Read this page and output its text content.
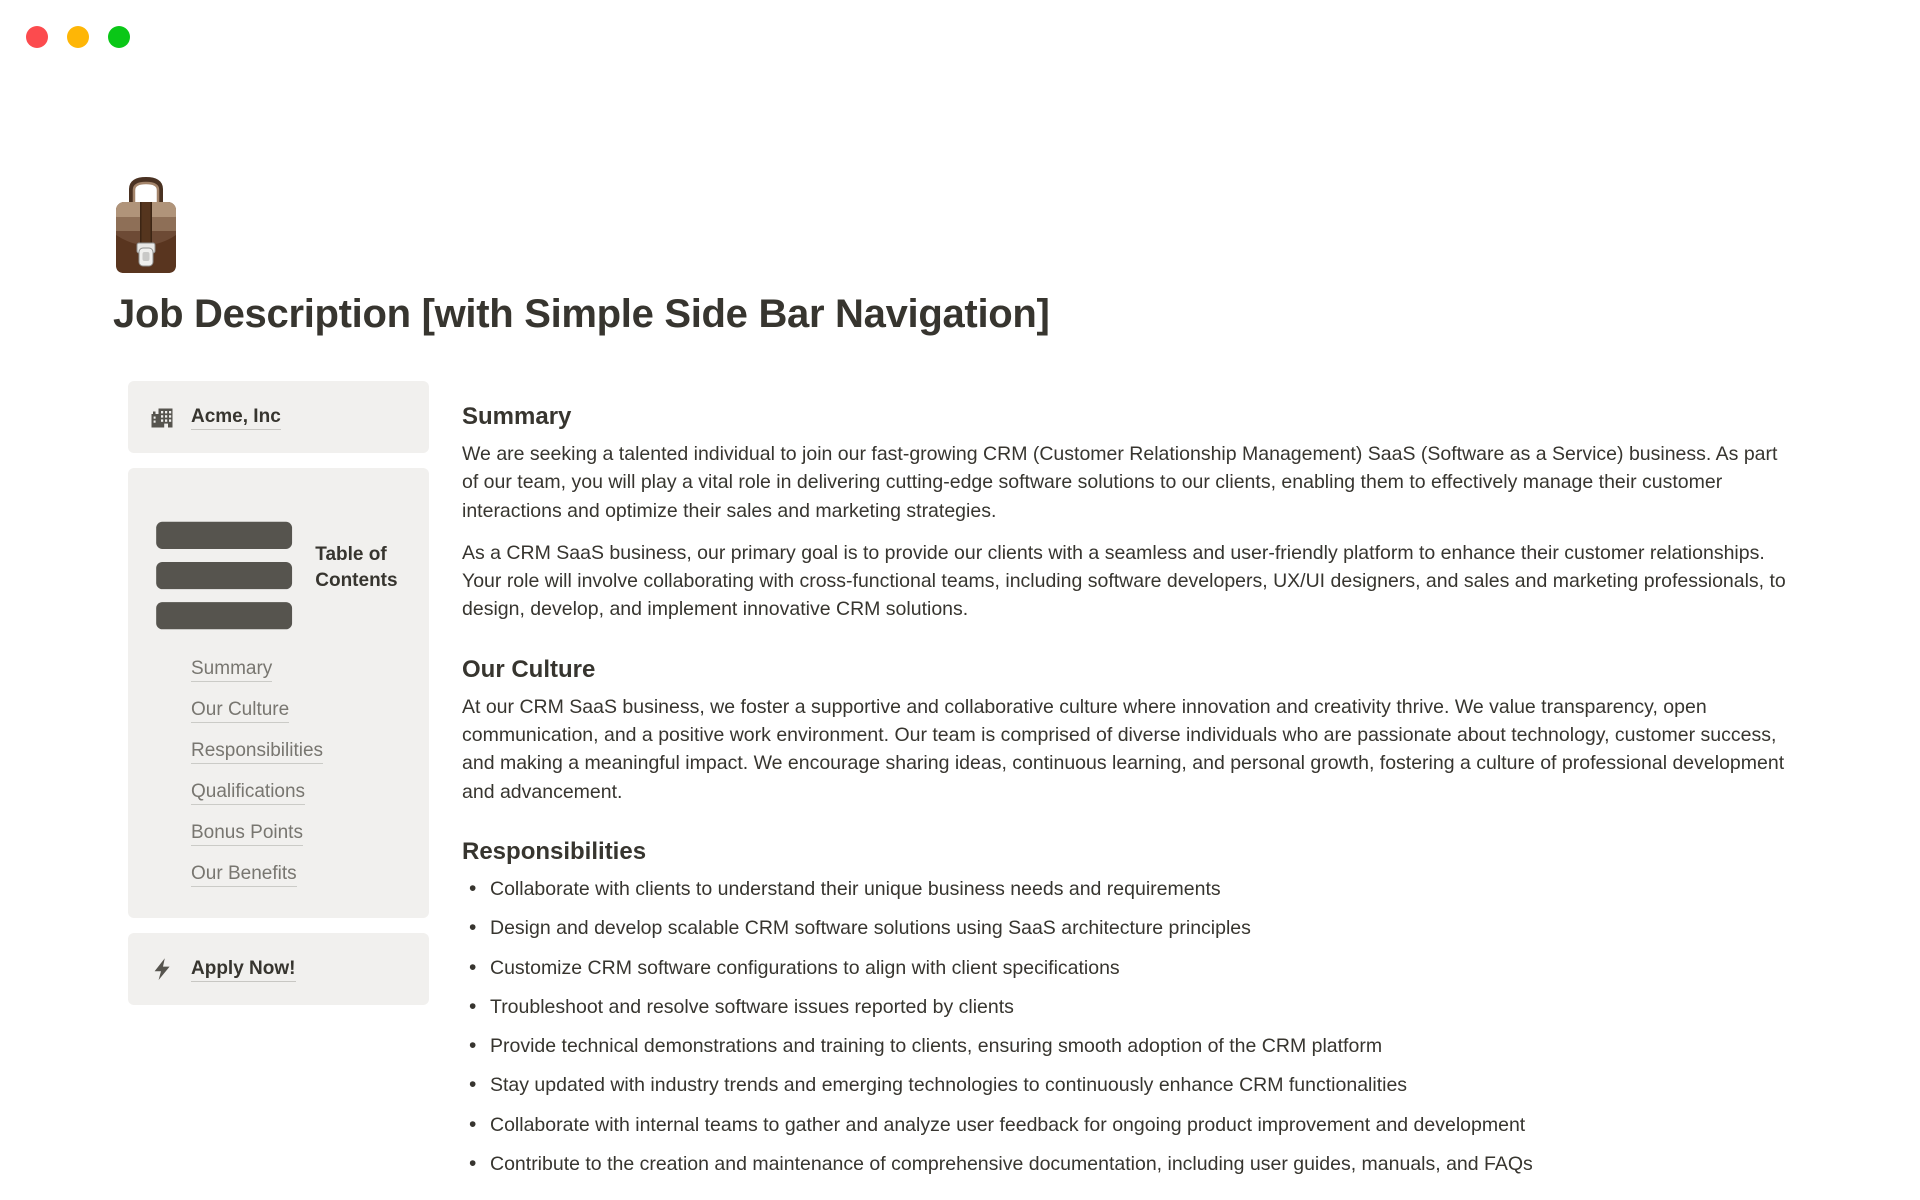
Job Description [with Simple Side Bar Navigation]
Acme, Inc
Table of Contents
Summary
Our Culture
Responsibilities
Qualifications
Bonus Points
Our Benefits
Apply Now!
Summary

We are seeking a talented individual to join our fast-growing CRM (Customer Relationship Management) SaaS (Software as a Service) business. As part of our team, you will play a vital role in delivering cutting-edge software solutions to our clients, enabling them to effectively manage their customer interactions and optimize their sales and marketing strategies.

As a CRM SaaS business, our primary goal is to provide our clients with a seamless and user-friendly platform to enhance their customer relationships. Your role will involve collaborating with cross-functional teams, including software developers, UX/UI designers, and sales and marketing professionals, to design, develop, and implement innovative CRM solutions.

Our Culture

At our CRM SaaS business, we foster a supportive and collaborative culture where innovation and creativity thrive. We value transparency, open communication, and a positive work environment. Our team is comprised of diverse individuals who are passionate about technology, customer success, and making a meaningful impact. We encourage sharing ideas, continuous learning, and personal growth, fostering a culture of professional development and advancement.

Responsibilities
• Collaborate with clients to understand their unique business needs and requirements
• Design and develop scalable CRM software solutions using SaaS architecture principles
• Customize CRM software configurations to align with client specifications
• Troubleshoot and resolve software issues reported by clients
• Provide technical demonstrations and training to clients, ensuring smooth adoption of the CRM platform
• Stay updated with industry trends and emerging technologies to continuously enhance CRM functionalities
• Collaborate with internal teams to gather and analyze user feedback for ongoing product improvement and development
• Contribute to the creation and maintenance of comprehensive documentation, including user guides, manuals, and FAQs
